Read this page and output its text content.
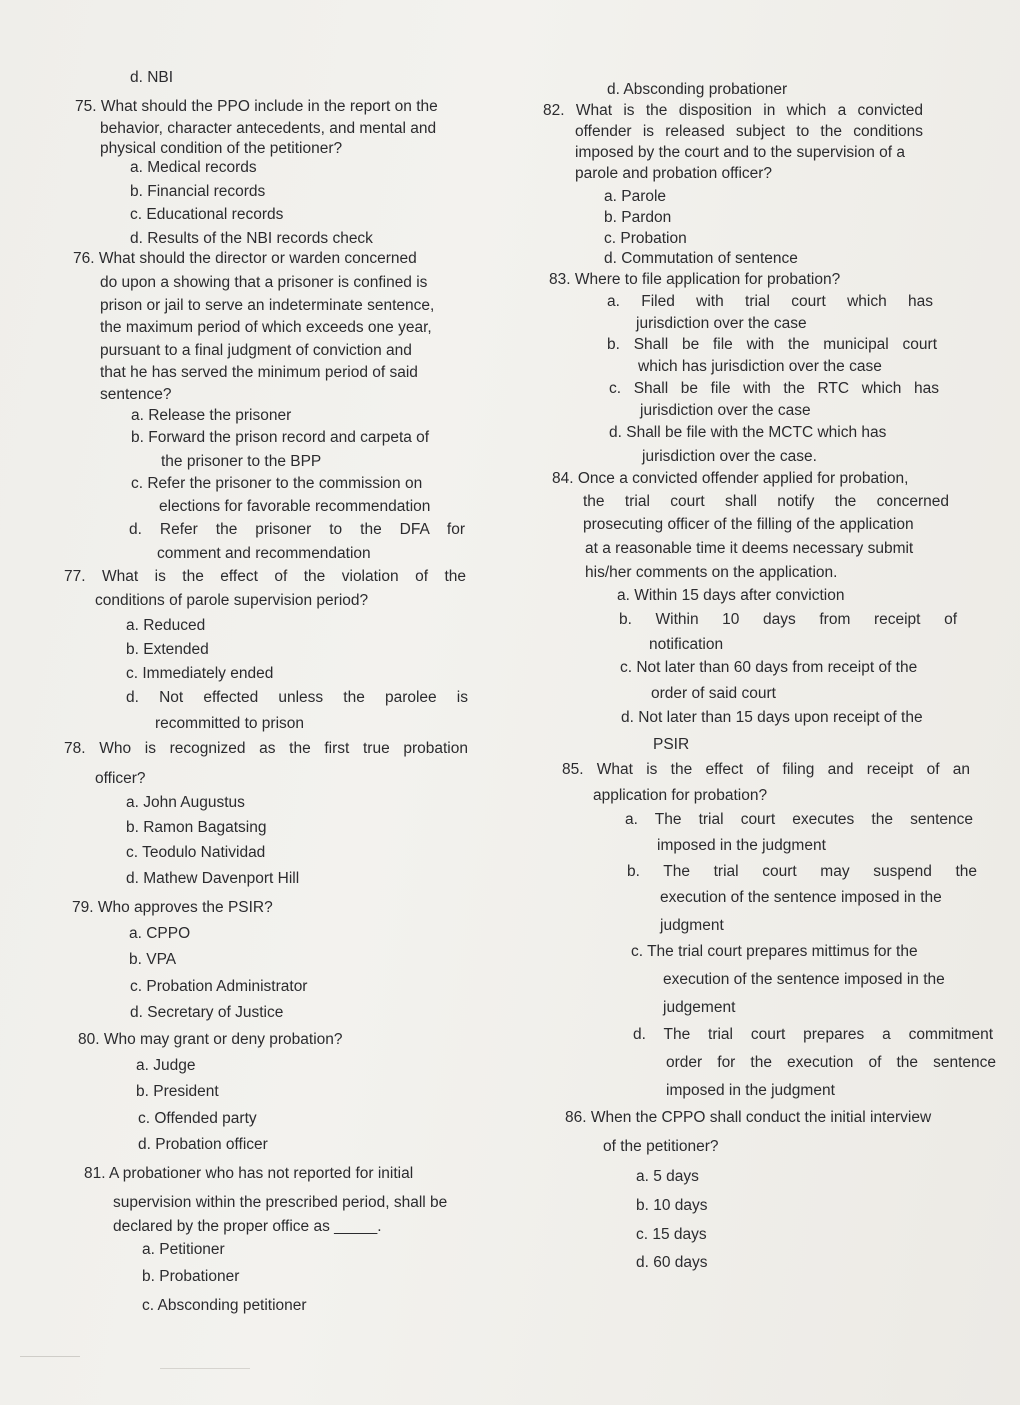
d. NBI
75. What should the PPO include in the report on the
behavior, character antecedents, and mental and
physical condition of the petitioner?
a. Medical records
b. Financial records
c. Educational records
d. Results of the NBI records check
76. What should the director or warden concerned
do upon a showing that a prisoner is confined is
prison or jail to serve an indeterminate sentence,
the maximum period of which exceeds one year,
pursuant to a final judgment of conviction and
that he has served the minimum period of said
sentence?
a. Release the prisoner
b. Forward the prison record and carpeta of
the prisoner to the BPP
c. Refer the prisoner to the commission on
elections for favorable recommendation
d. Refer the prisoner to the DFA for
comment and recommendation
77. What is the effect of the violation of the
conditions of parole supervision period?
a. Reduced
b. Extended
c. Immediately ended
d. Not effected unless the parolee is
recommitted to prison
78. Who is recognized as the first true probation
officer?
a. John Augustus
b. Ramon Bagatsing
c. Teodulo Natividad
d. Mathew Davenport Hill
79. Who approves the PSIR?
a. CPPO
b. VPA
c. Probation Administrator
d. Secretary of Justice
80. Who may grant or deny probation?
a. Judge
b. President
c. Offended party
d. Probation officer
81. A probationer who has not reported for initial
supervision within the prescribed period, shall be
declared by the proper office as _____.
a. Petitioner
b. Probationer
c. Absconding petitioner
d. Absconding probationer
82. What is the disposition in which a convicted
offender is released subject to the conditions
imposed by the court and to the supervision of a
parole and probation officer?
a. Parole
b. Pardon
c. Probation
d. Commutation of sentence
83. Where to file application for probation?
a. Filed with trial court which has
jurisdiction over the case
b. Shall be file with the municipal court
which has jurisdiction over the case
c. Shall be file with the RTC which has
jurisdiction over the case
d. Shall be file with the MCTC which has
jurisdiction over the case.
84. Once a convicted offender applied for probation,
the trial court shall notify the concerned
prosecuting officer of the filling of the application
at a reasonable time it deems necessary submit
his/her comments on the application.
a. Within 15 days after conviction
b. Within 10 days from receipt of
notification
c. Not later than 60 days from receipt of the
order of said court
d. Not later than 15 days upon receipt of the
PSIR
85. What is the effect of filing and receipt of an
application for probation?
a. The trial court executes the sentence
imposed in the judgment
b. The trial court may suspend the
execution of the sentence imposed in the
judgment
c. The trial court prepares mittimus for the
execution of the sentence imposed in the
judgement
d. The trial court prepares a commitment
order for the execution of the sentence
imposed in the judgment
86. When the CPPO shall conduct the initial interview
of the petitioner?
a. 5 days
b. 10 days
c. 15 days
d. 60 days
